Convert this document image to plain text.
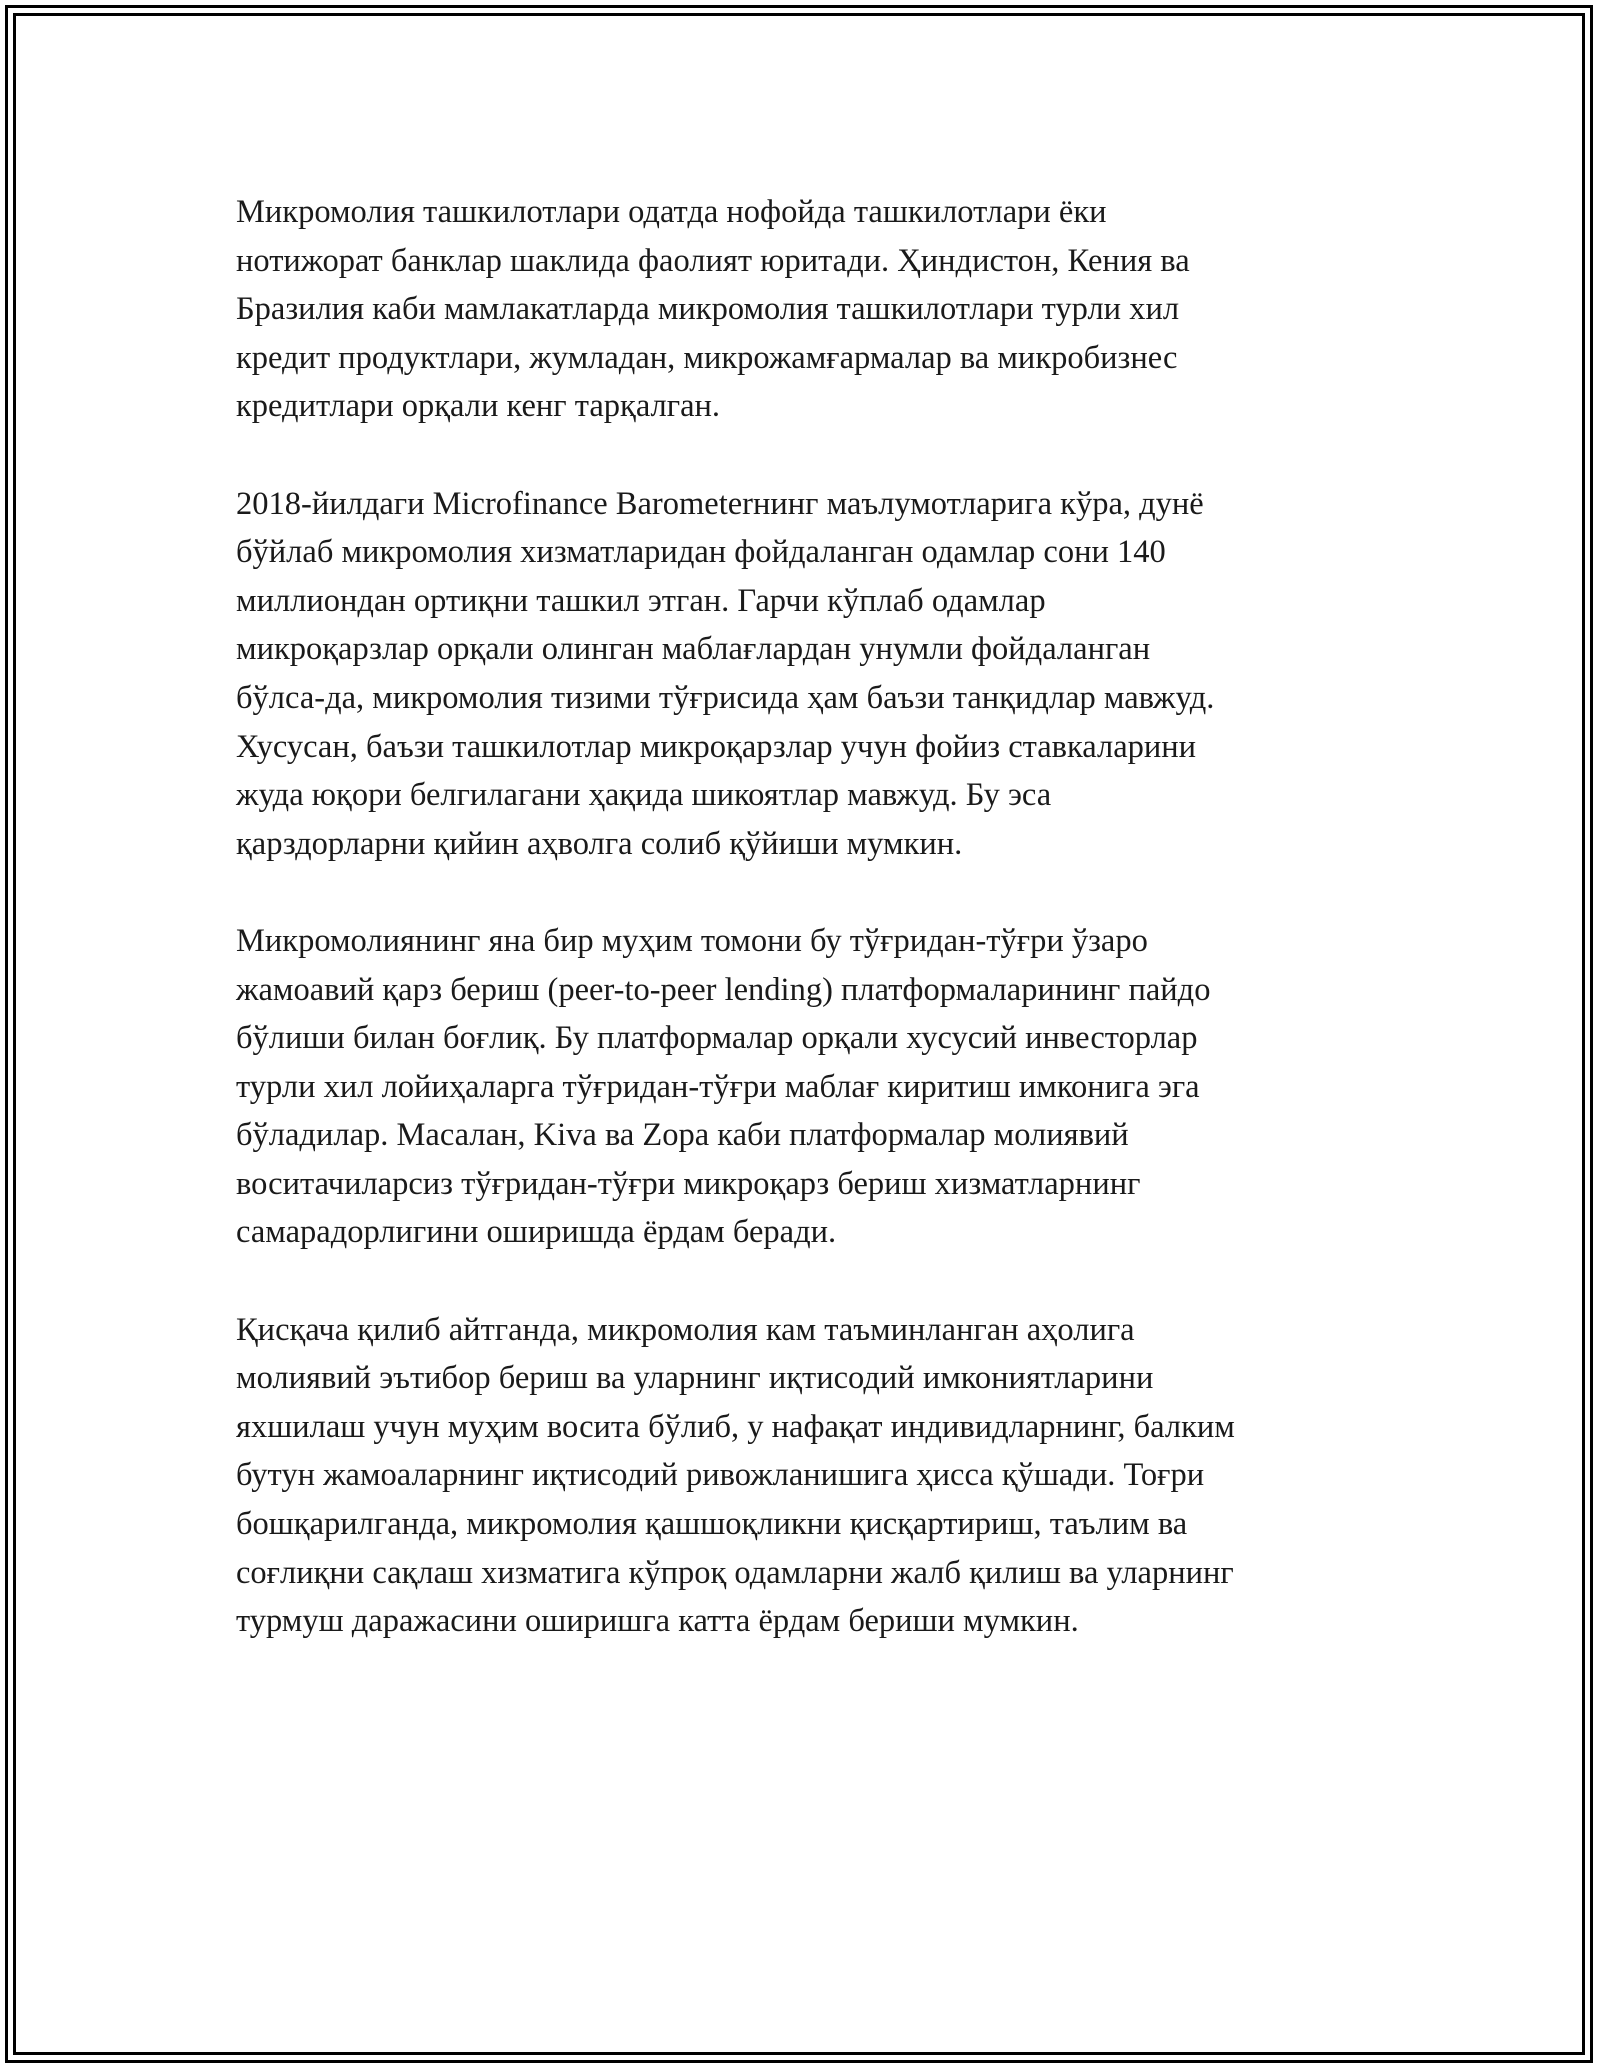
Микромолия ташкилотлари одатда нофойда ташкилотлари ёки
нотижорат банклар шаклида фаолият юритади. Ҳиндистон, Кения ва
Бразилия каби мамлакатларда микромолия ташкилотлари турли хил
кредит продуктлари, жумладан, микрожамғармалар ва микробизнес
кредитлари орқали кенг тарқалган.

2018-йилдаги Microfinance Barometerнинг маълумотларига кўра, дунё
бўйлаб микромолия хизматларидан фойдаланган одамлар сони 140
миллиондан ортиқни ташкил этган. Гарчи кўплаб одамлар
микроқарзлар орқали олинган маблағлардан унумли фойдаланган
бўлса-да, микромолия тизими тўғрисида ҳам баъзи танқидлар мавжуд.
Хусусан, баъзи ташкилотлар микроқарзлар учун фойиз ставкаларини
жуда юқори белгилагани ҳақида шикоятлар мавжуд. Бу эса
қарздорларни қийин аҳволга солиб қўйиши мумкин.

Микромолиянинг яна бир муҳим томони бу тўғридан-тўғри ўзаро
жамоавий қарз бериш (peer-to-peer lending) платформаларининг пайдо
бўлиши билан боғлиқ. Бу платформалар орқали хусусий инвесторлар
турли хил лойиҳаларга тўғридан-тўғри маблағ киритиш имконига эга
бўладилар. Масалан, Kiva ва Zopa каби платформалар молиявий
воситачиларсиз тўғридан-тўғри микроқарз бериш хизматларнинг
самарадорлигини оширишда ёрдам беради.

Қисқача қилиб айтганда, микромолия кам таъминланган аҳолига
молиявий эътибор бериш ва уларнинг иқтисодий имкониятларини
яхшилаш учун муҳим восита бўлиб, у нафақат индивидларнинг, балким
бутун жамоаларнинг иқтисодий ривожланишига ҳисса қўшади. Тоғри
бошқарилганда, микромолия қашшоқликни қисқартириш, таълим ва
соғлиқни сақлаш хизматига кўпроқ одамларни жалб қилиш ва уларнинг
турмуш даражасини оширишга катта ёрдам бериши мумкин.
